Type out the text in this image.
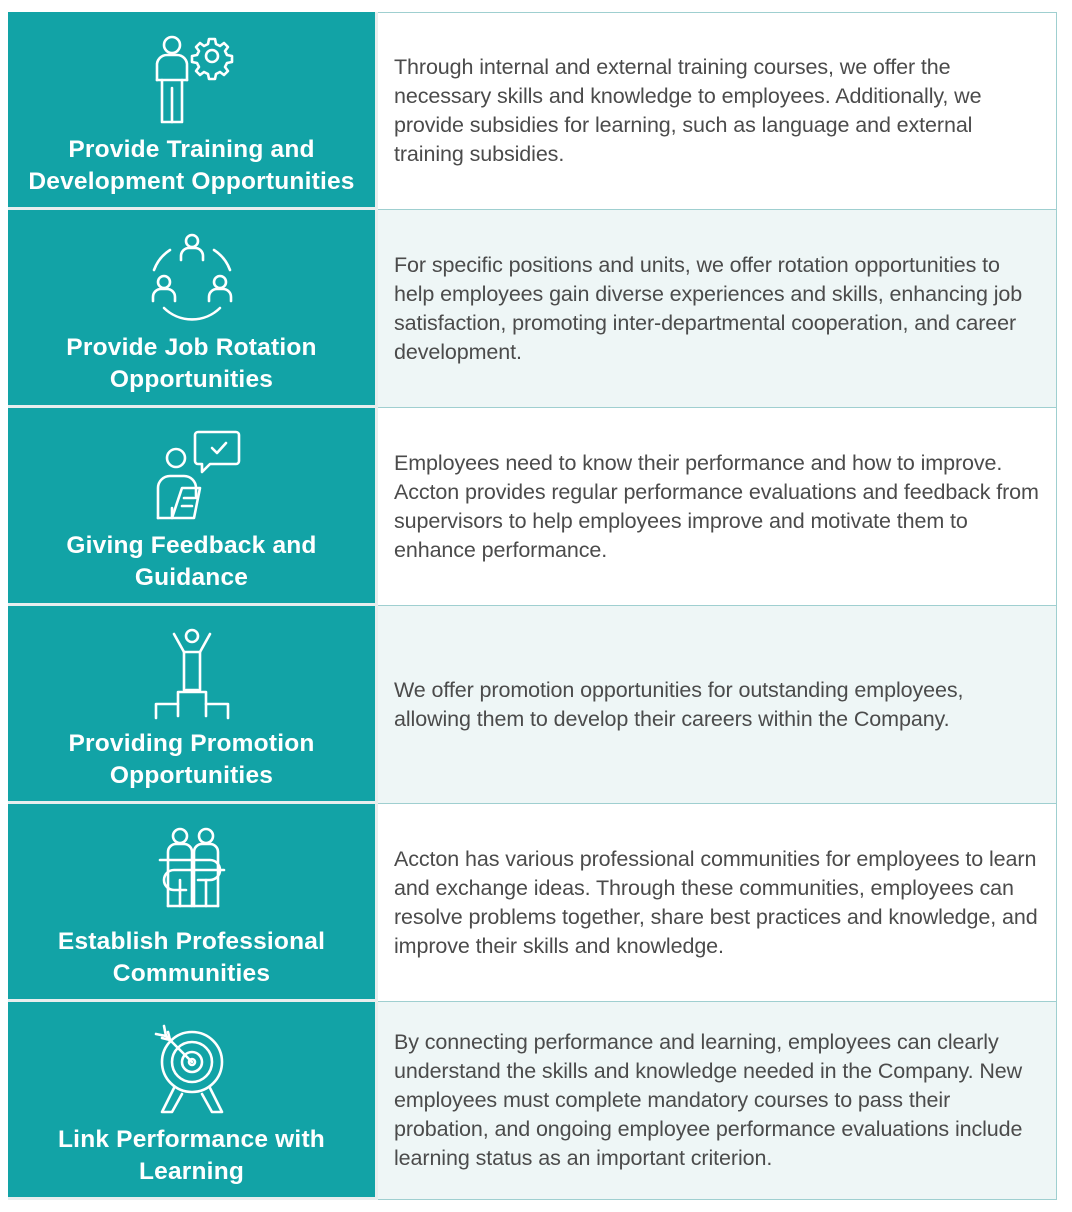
Provide Training and Development Opportunities
Through internal and external training courses, we offer the necessary skills and knowledge to employees. Additionally, we provide subsidies for learning, such as language and external training subsidies.
Provide Job Rotation Opportunities
For specific positions and units, we offer rotation opportunities to help employees gain diverse experiences and skills, enhancing job satisfaction, promoting inter-departmental cooperation, and career development.
Giving Feedback and Guidance
Employees need to know their performance and how to improve. Accton provides regular performance evaluations and feedback from supervisors to help employees improve and motivate them to enhance performance.
Providing Promotion Opportunities
We offer promotion opportunities for outstanding employees, allowing them to develop their careers within the Company.
Establish Professional Communities
Accton has various professional communities for employees to learn and exchange ideas. Through these communities, employees can resolve problems together, share best practices and knowledge, and improve their skills and knowledge.
Link Performance with Learning
By connecting performance and learning, employees can clearly understand the skills and knowledge needed in the Company. New employees must complete mandatory courses to pass their probation, and ongoing employee performance evaluations include learning status as an important criterion.
